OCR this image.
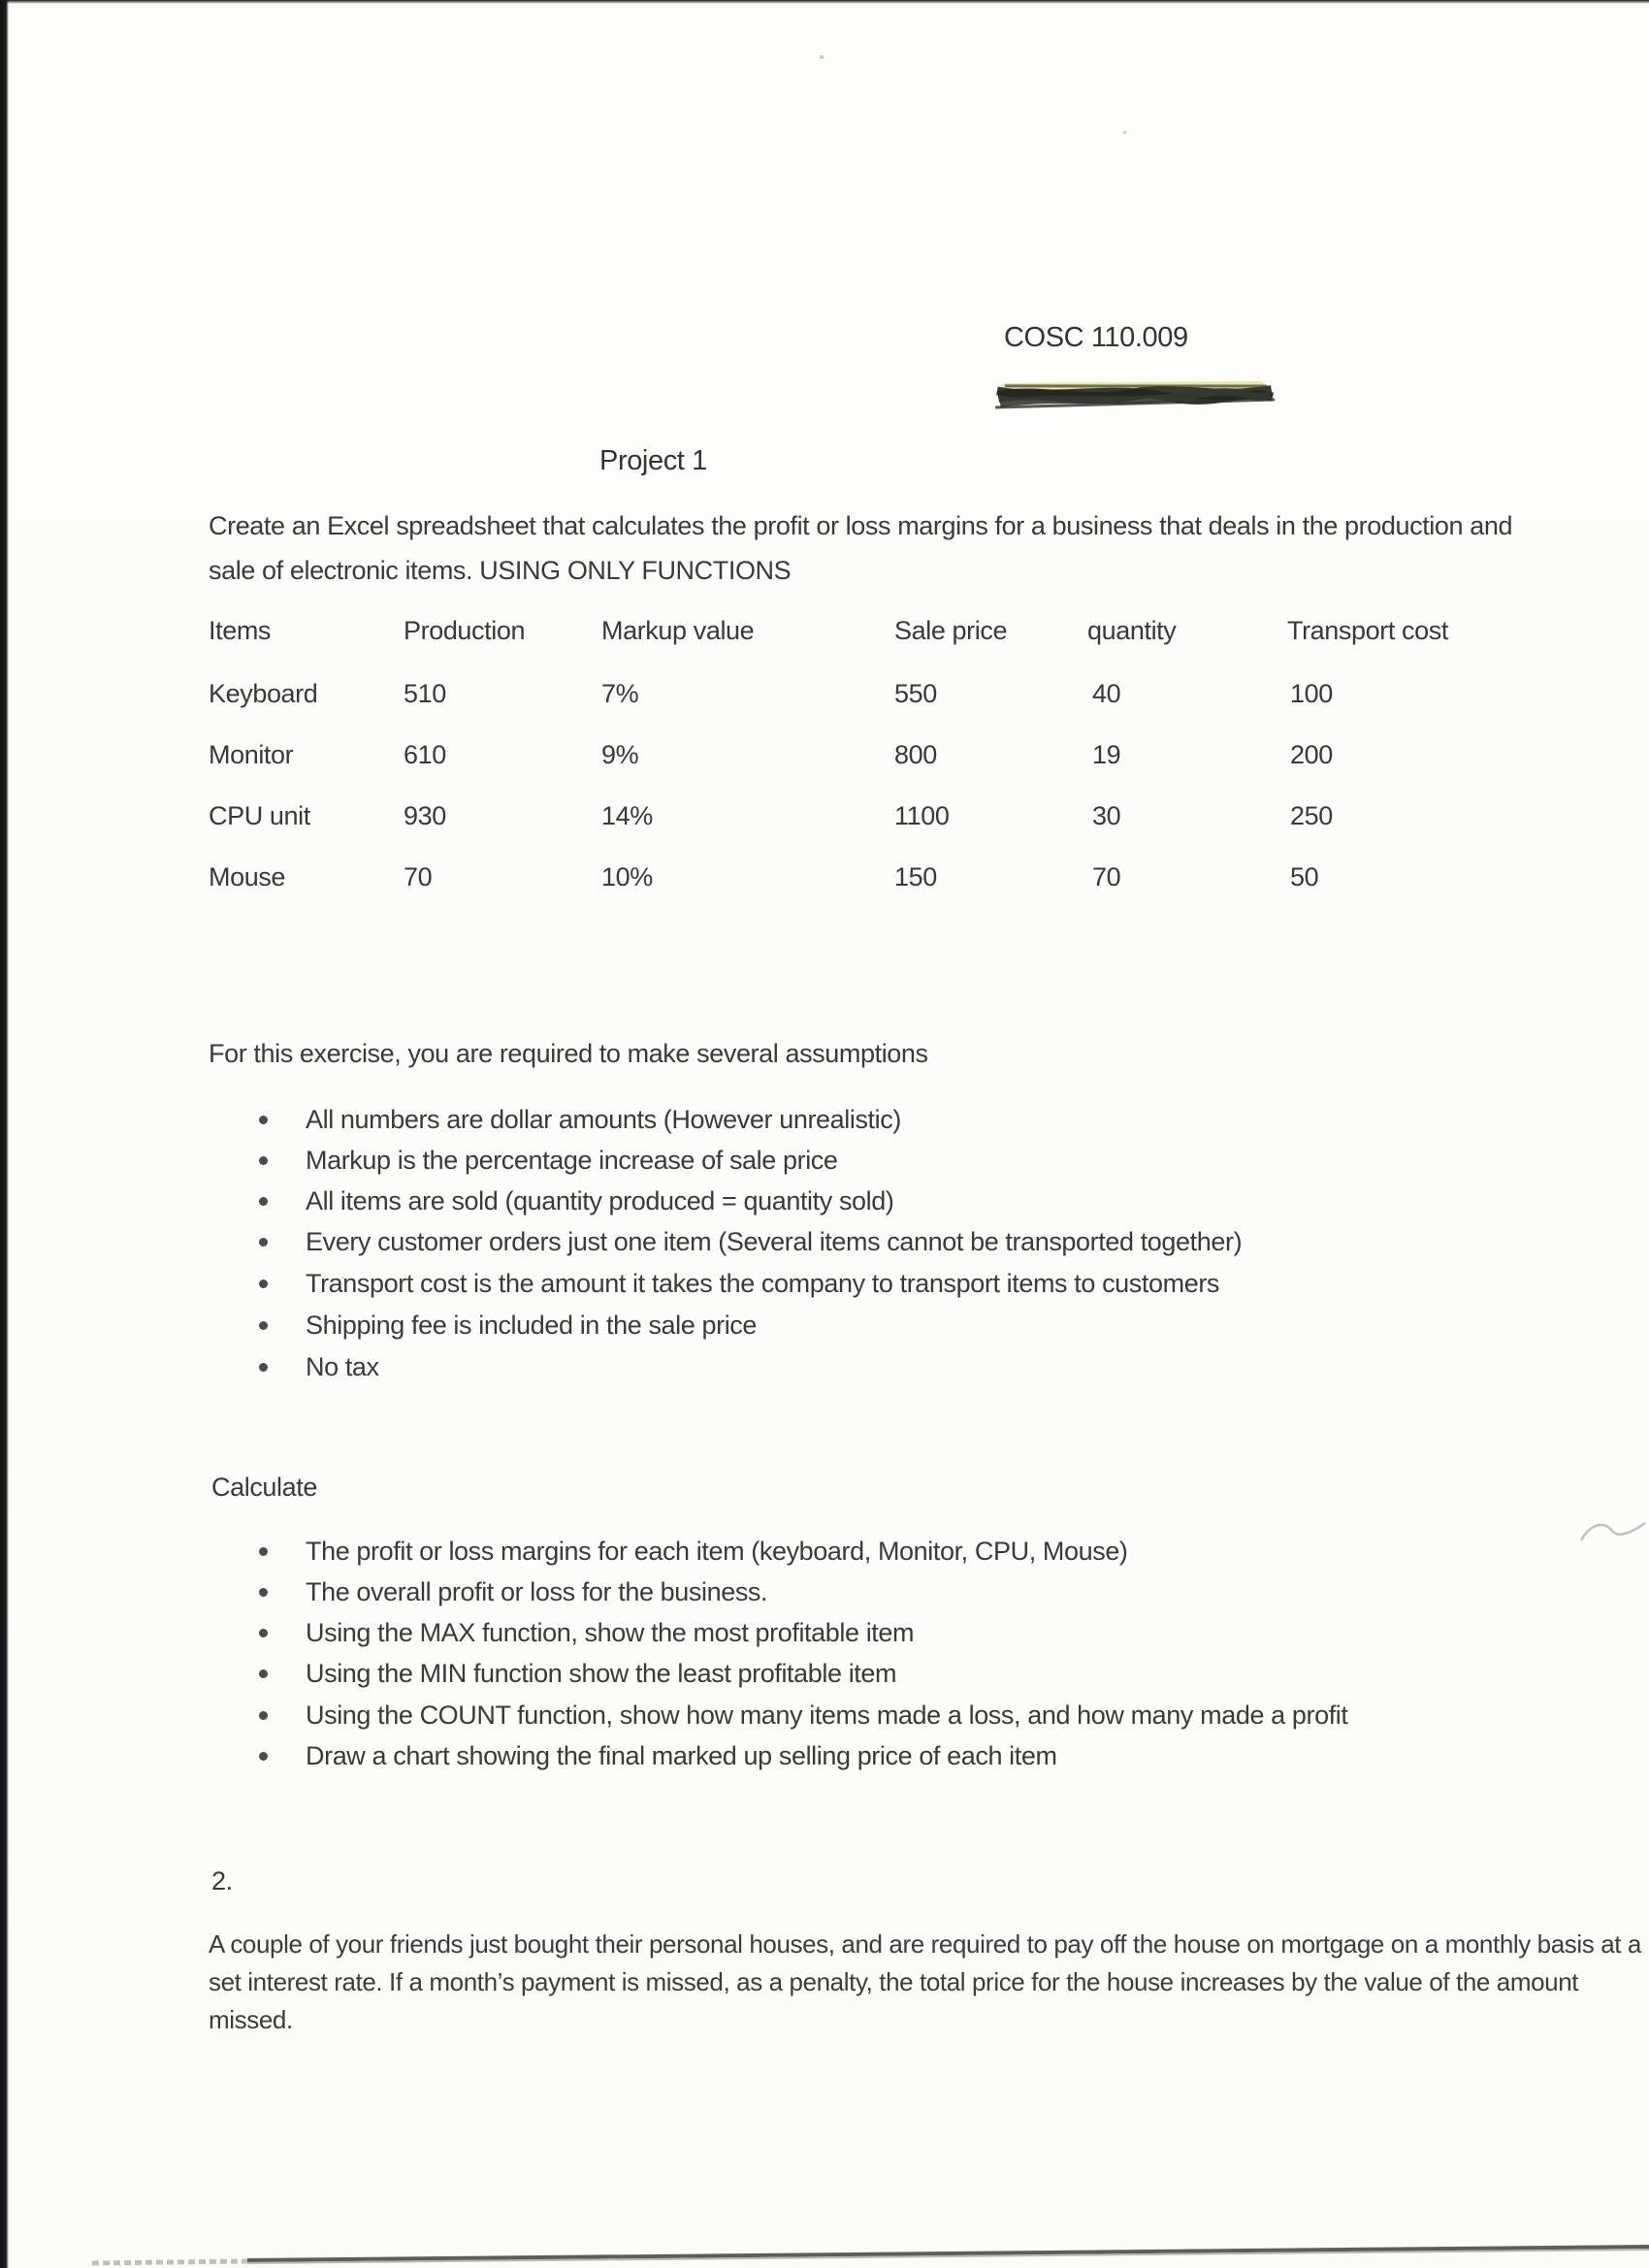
COSC 110.009
Project 1
Create an Excel spreadsheet that calculates the profit or loss margins for a business that deals in the production and sale of electronic items. USING ONLY FUNCTIONS
Items	Production	Markup value	Sale price	quantity	Transport cost
Keyboard	510	7%	550	40	100
Monitor	610	9%	800	19	200
CPU unit	930	14%	1100	30	250
Mouse	70	10%	150	70	50
For this exercise, you are required to make several assumptions
All numbers are dollar amounts (However unrealistic)
Markup is the percentage increase of sale price
All items are sold (quantity produced = quantity sold)
Every customer orders just one item (Several items cannot be transported together)
Transport cost is the amount it takes the company to transport items to customers
Shipping fee is included in the sale price
No tax
Calculate
The profit or loss margins for each item (keyboard, Monitor, CPU, Mouse)
The overall profit or loss for the business.
Using the MAX function, show the most profitable item
Using the MIN function show the least profitable item
Using the COUNT function, show how many items made a loss, and how many made a profit
Draw a chart showing the final marked up selling price of each item
2.
A couple of your friends just bought their personal houses, and are required to pay off the house on mortgage on a monthly basis at a set interest rate. If a month’s payment is missed, as a penalty, the total price for the house increases by the value of the amount missed.
